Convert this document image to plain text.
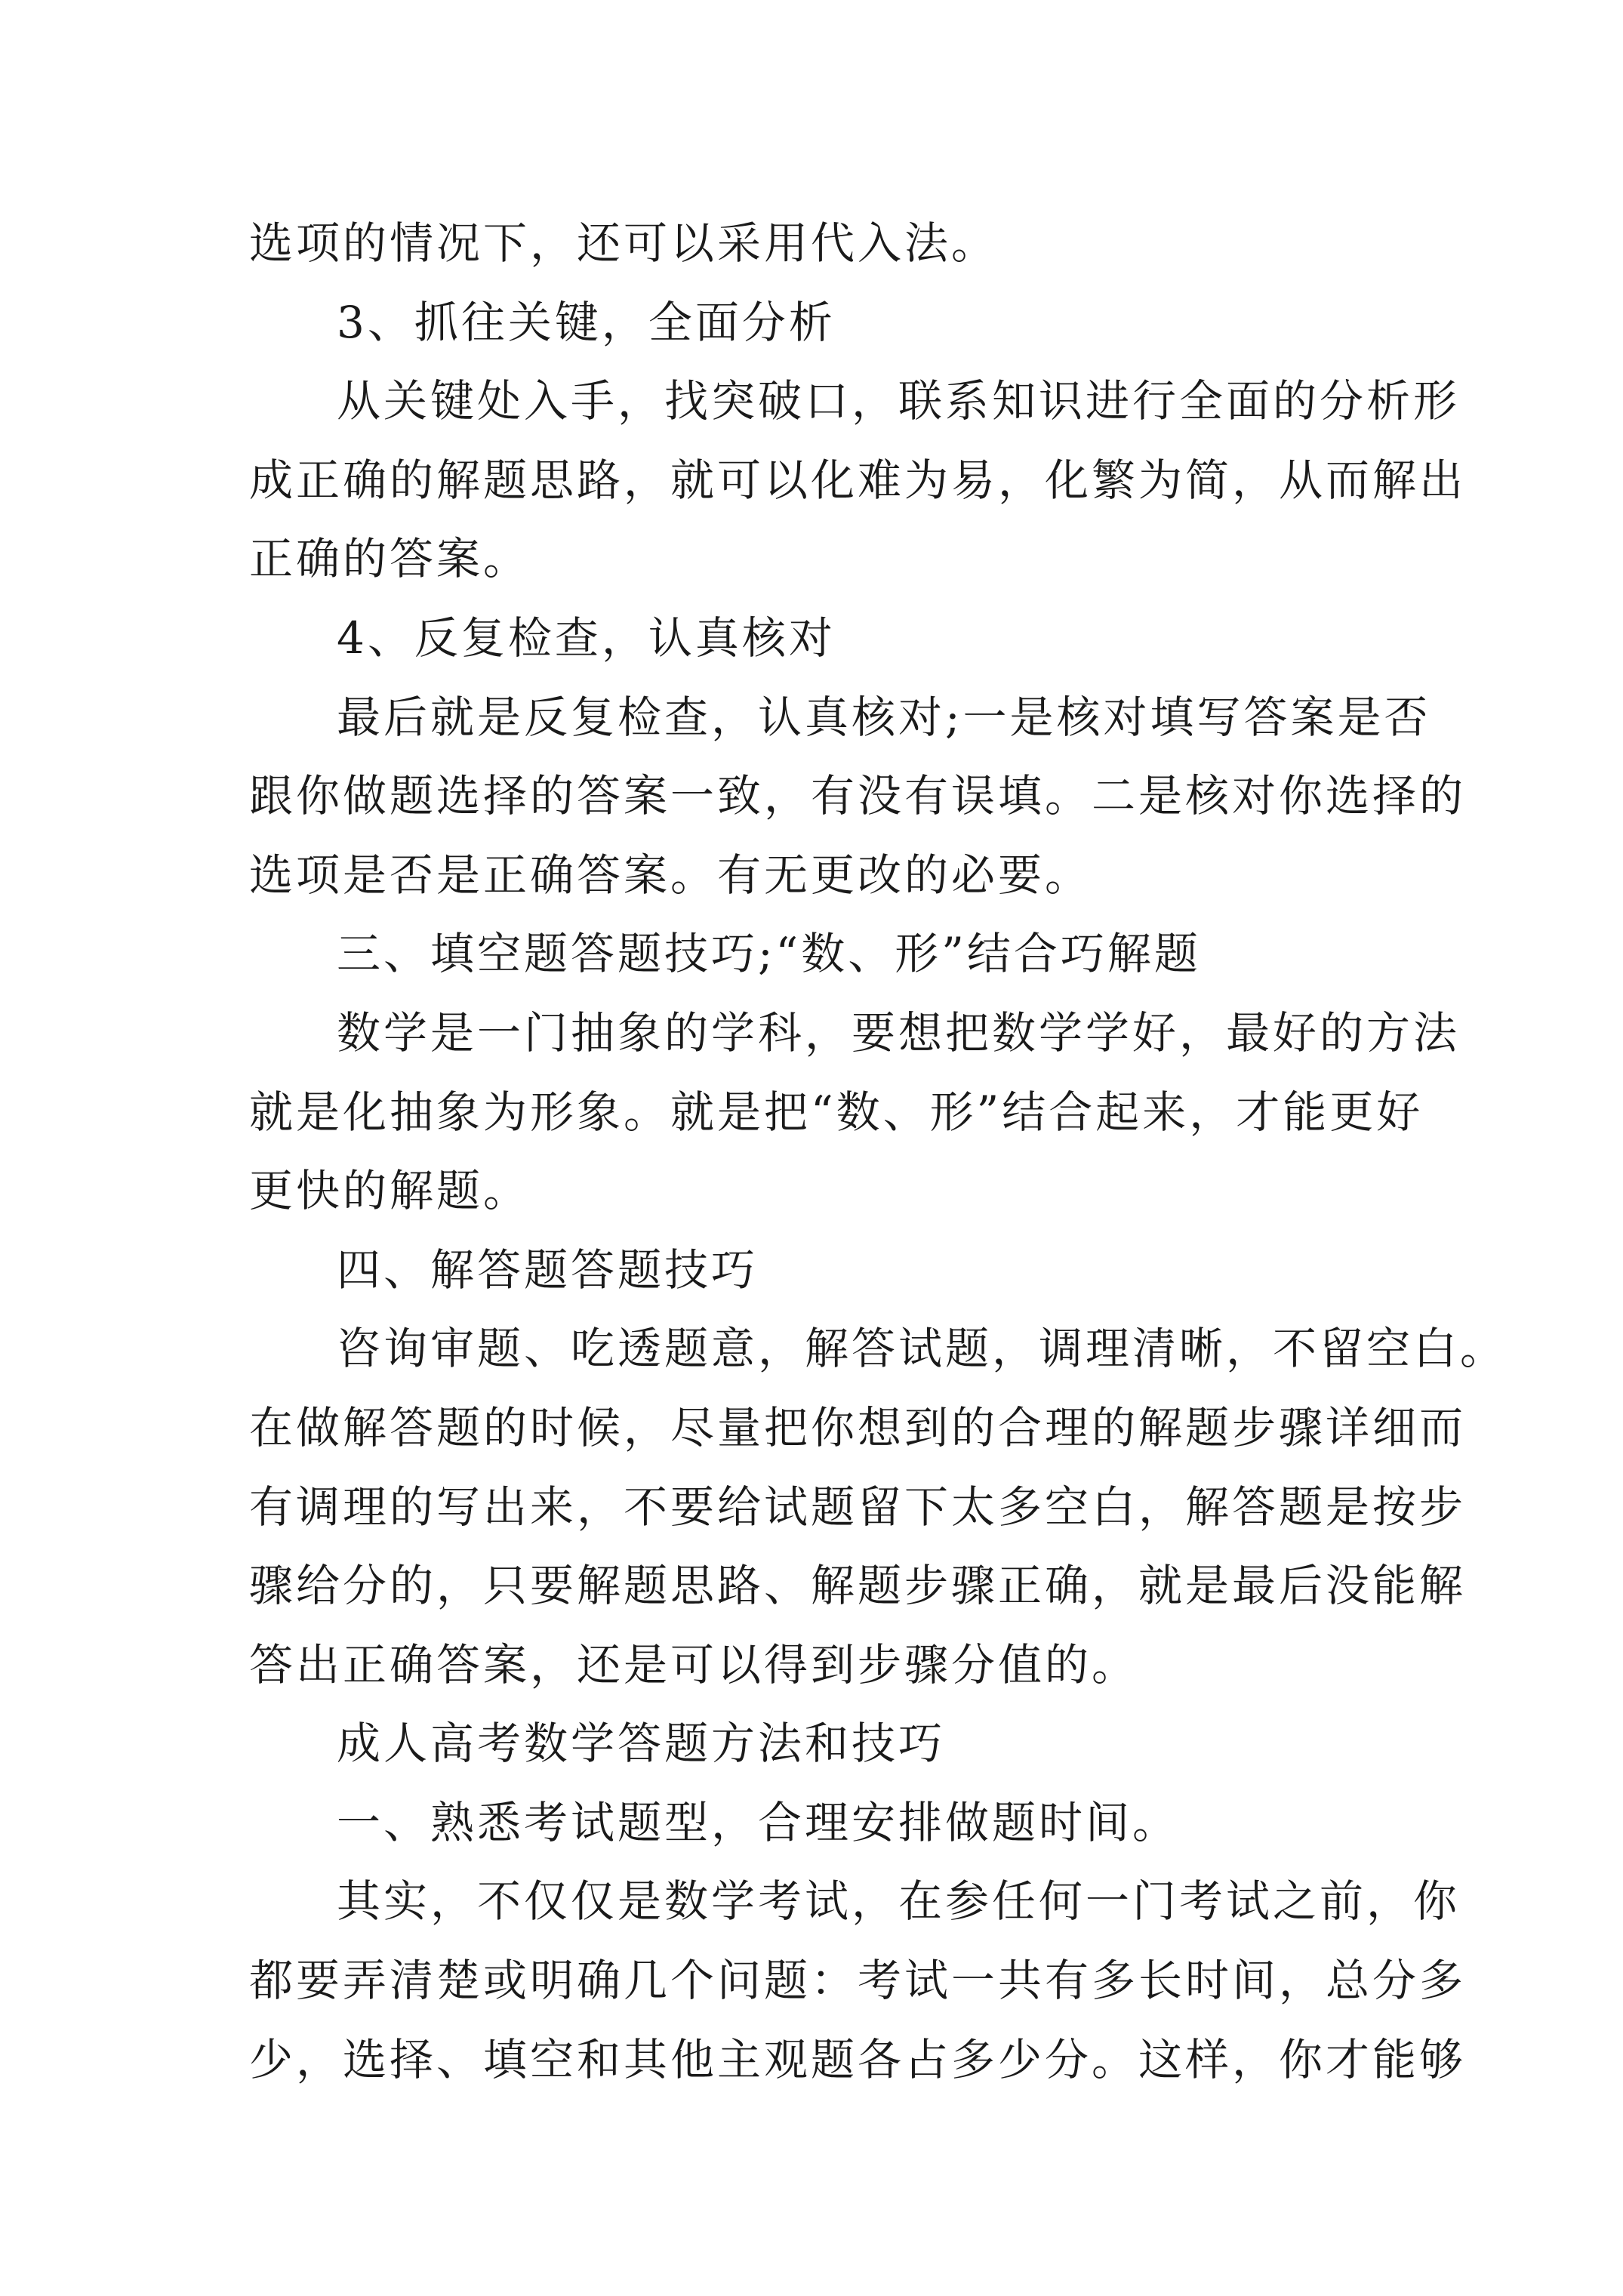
选项的情况下，还可以采用代入法。
3、抓往关键，全面分析
从关键处入手，找突破口，联系知识进行全面的分析形
成正确的解题思路，就可以化难为易，化繁为简，从而解出
正确的答案。
4、反复检查，认真核对
最后就是反复检查，认真核对;一是核对填写答案是否
跟你做题选择的答案一致，有没有误填。二是核对你选择的
选项是否是正确答案。有无更改的必要。
三、填空题答题技巧;“数、形”结合巧解题
数学是一门抽象的学科，要想把数学学好，最好的方法
就是化抽象为形象。就是把“数、形”结合起来，才能更好
更快的解题。
四、解答题答题技巧
咨询审题、吃透题意，解答试题，调理清晰，不留空白。
在做解答题的时候，尽量把你想到的合理的解题步骤详细而
有调理的写出来，不要给试题留下太多空白，解答题是按步
骤给分的，只要解题思路、解题步骤正确，就是最后没能解
答出正确答案，还是可以得到步骤分值的。
成人高考数学答题方法和技巧
一、熟悉考试题型，合理安排做题时间。
其实，不仅仅是数学考试，在参任何一门考试之前，你
都要弄清楚或明确几个问题：考试一共有多长时间，总分多
少，选择、填空和其他主观题各占多少分。这样，你才能够
